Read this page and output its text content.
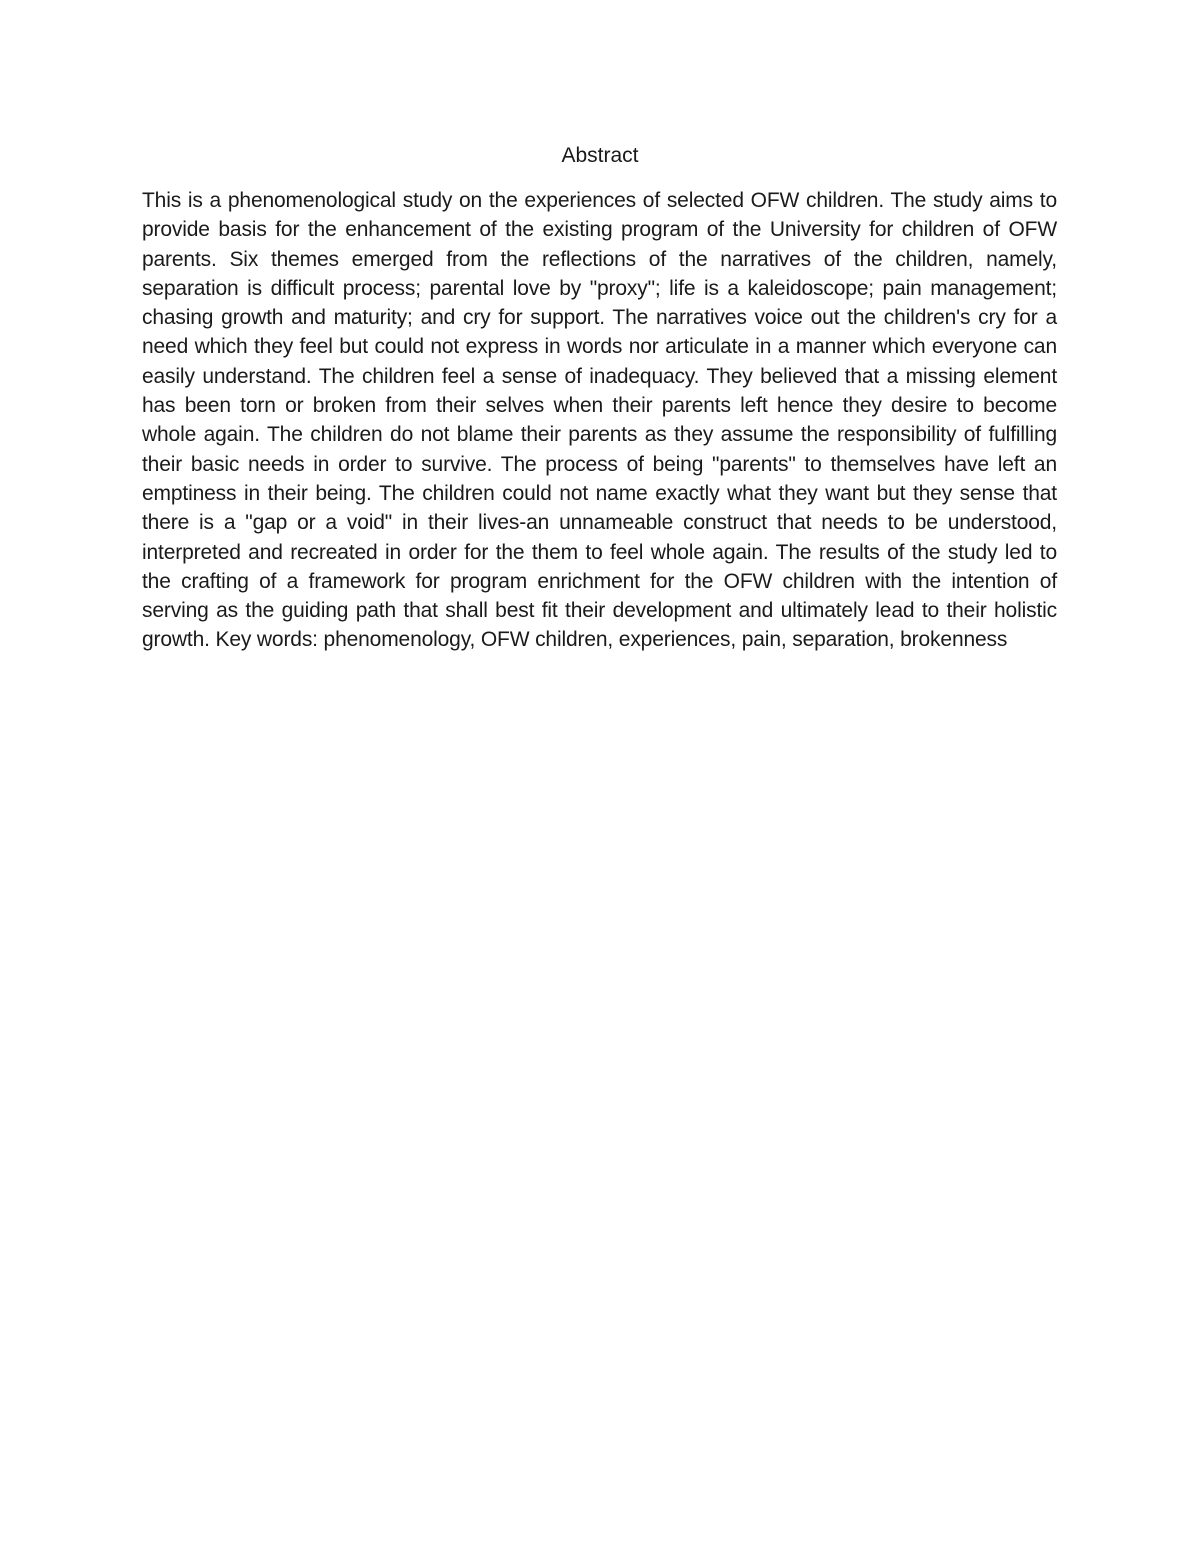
Abstract

This is a phenomenological study on the experiences of selected OFW children. The study aims to provide basis for the enhancement of the existing program of the University for children of OFW parents. Six themes emerged from the reflections of the narratives of the children, namely, separation is difficult process; parental love by "proxy"; life is a kaleidoscope; pain management; chasing growth and maturity; and cry for support. The narratives voice out the children's cry for a need which they feel but could not express in words nor articulate in a manner which everyone can easily understand. The children feel a sense of inadequacy. They believed that a missing element has been torn or broken from their selves when their parents left hence they desire to become whole again. The children do not blame their parents as they assume the responsibility of fulfilling their basic needs in order to survive. The process of being "parents" to themselves have left an emptiness in their being. The children could not name exactly what they want but they sense that there is a "gap or a void" in their lives-an unnameable construct that needs to be understood, interpreted and recreated in order for the them to feel whole again. The results of the study led to the crafting of a framework for program enrichment for the OFW children with the intention of serving as the guiding path that shall best fit their development and ultimately lead to their holistic growth. Key words: phenomenology, OFW children, experiences, pain, separation, brokenness
